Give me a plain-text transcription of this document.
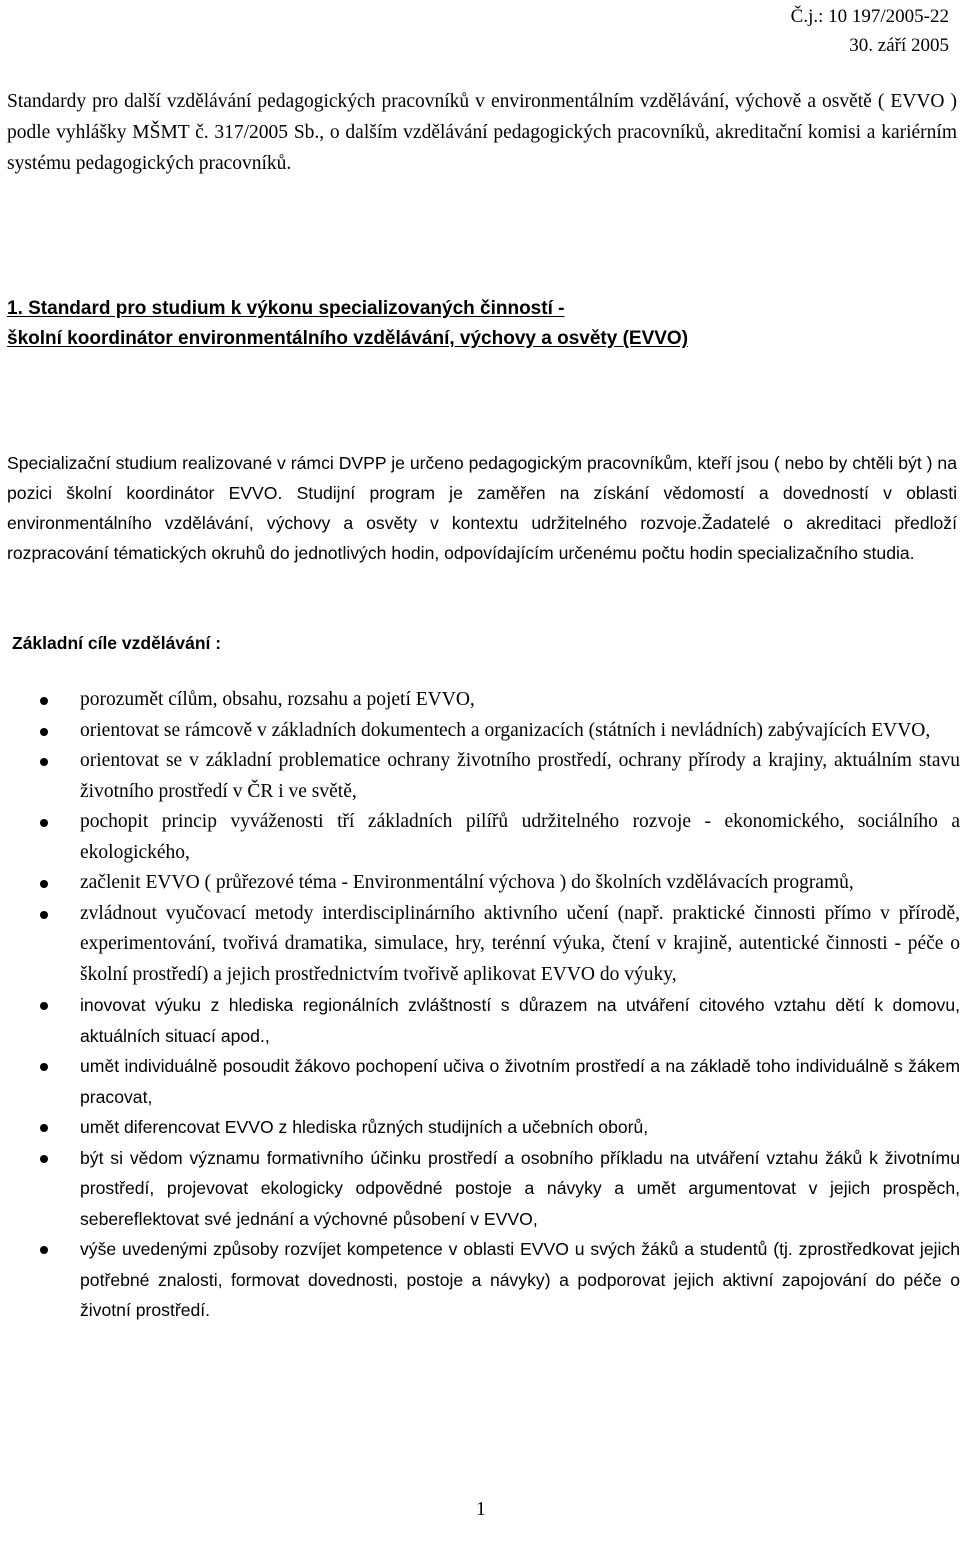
Č.j.: 10 197/2005-22
30. září 2005
Standardy pro další vzdělávání pedagogických pracovníků v environmentálním vzdělávání, výchově a osvětě ( EVVO ) podle vyhlášky MŠMT č. 317/2005 Sb., o dalším vzdělávání pedagogických pracovníků, akreditační komisi a kariérním systému pedagogických pracovníků.
1. Standard pro studium k výkonu specializovaných činností -
školní koordinátor environmentálního vzdělávání, výchovy a osvěty (EVVO)
Specializační studium realizované v rámci DVPP je určeno pedagogickým pracovníkům, kteří jsou ( nebo by chtěli být ) na pozici školní koordinátor EVVO. Studijní program je zaměřen na získání vědomostí a dovedností v oblasti environmentálního vzdělávání, výchovy a osvěty v kontextu udržitelného rozvoje.Žadatelé o akreditaci předloží rozpracování tématických okruhů do jednotlivých hodin, odpovídajícím určenému počtu hodin specializačního studia.
Základní cíle vzdělávání :
porozumět cílům, obsahu, rozsahu a pojetí EVVO,
orientovat se rámcově v základních dokumentech a organizacích (státních i nevládních) zabývajících EVVO,
orientovat se v základní problematice ochrany životního prostředí, ochrany přírody a krajiny, aktuálním stavu životního prostředí v ČR i ve světě,
pochopit princip vyváženosti tří základních pilířů udržitelného rozvoje - ekonomického, sociálního a ekologického,
začlenit EVVO ( průřezové téma - Environmentální výchova ) do školních vzdělávacích programů,
zvládnout vyučovací metody interdisciplinárního aktivního učení (např. praktické činnosti přímo v přírodě, experimentování, tvořivá dramatika, simulace, hry, terénní výuka, čtení v krajině, autentické činnosti - péče o školní prostředí) a jejich prostřednictvím tvořivě aplikovat EVVO do výuky,
inovovat výuku z hlediska regionálních zvláštností s důrazem na utváření citového vztahu dětí k domovu, aktuálních situací apod.,
umět individuálně posoudit žákovo pochopení učiva o životním prostředí a na základě toho individuálně s žákem pracovat,
umět diferencovat EVVO z hlediska různých studijních a učebních oborů,
být si vědom významu formativního účinku prostředí a osobního příkladu na utváření vztahu žáků k životnímu prostředí, projevovat ekologicky odpovědné postoje a návyky a umět argumentovat v jejich prospěch, sebereflektovat své jednání a výchovné působení v EVVO,
výše uvedenými způsoby rozvíjet kompetence v oblasti EVVO u svých žáků a studentů (tj. zprostředkovat jejich potřebné znalosti, formovat dovednosti, postoje a návyky) a podporovat jejich aktivní zapojování do péče o životní prostředí.
1
